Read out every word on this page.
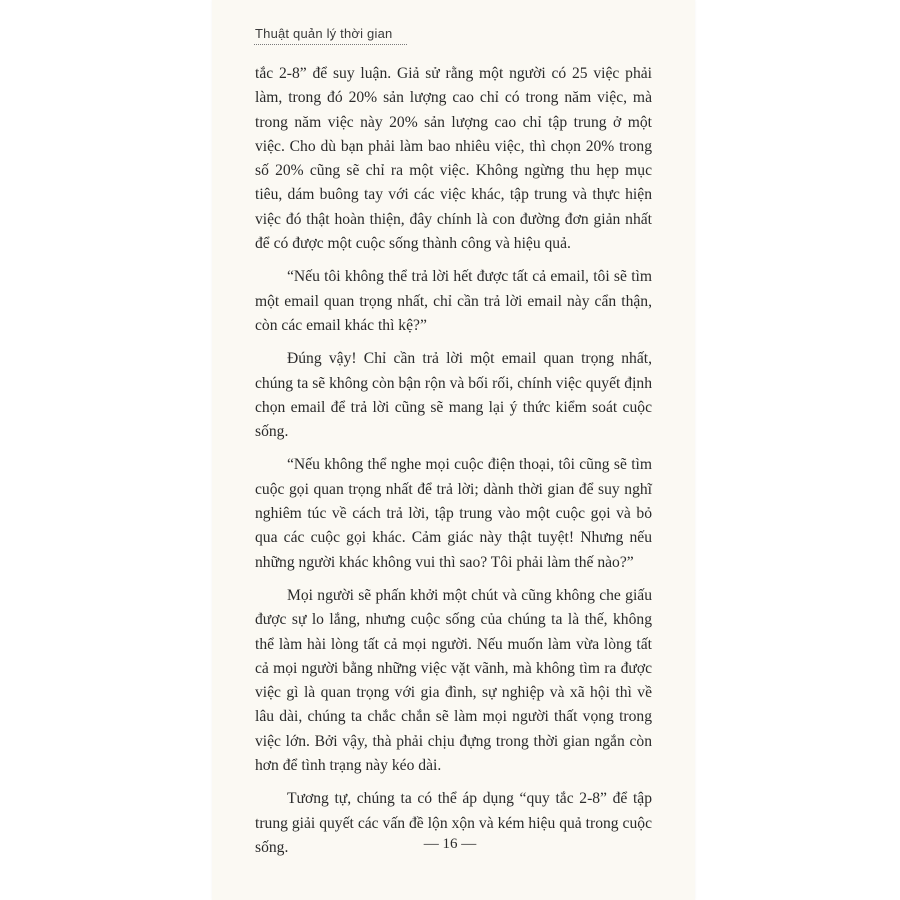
Thuật quản lý thời gian

tắc 2-8” để suy luận. Giả sử rằng một người có 25 việc phải làm, trong đó 20% sản lượng cao chỉ có trong năm việc, mà trong năm việc này 20% sản lượng cao chỉ tập trung ở một việc. Cho dù bạn phải làm bao nhiêu việc, thì chọn 20% trong số 20% cũng sẽ chỉ ra một việc. Không ngừng thu hẹp mục tiêu, dám buông tay với các việc khác, tập trung và thực hiện việc đó thật hoàn thiện, đây chính là con đường đơn giản nhất để có được một cuộc sống thành công và hiệu quả.

“Nếu tôi không thể trả lời hết được tất cả email, tôi sẽ tìm một email quan trọng nhất, chỉ cần trả lời email này cẩn thận, còn các email khác thì kệ?”

Đúng vậy! Chỉ cần trả lời một email quan trọng nhất, chúng ta sẽ không còn bận rộn và bối rối, chính việc quyết định chọn email để trả lời cũng sẽ mang lại ý thức kiểm soát cuộc sống.

“Nếu không thể nghe mọi cuộc điện thoại, tôi cũng sẽ tìm cuộc gọi quan trọng nhất để trả lời; dành thời gian để suy nghĩ nghiêm túc về cách trả lời, tập trung vào một cuộc gọi và bỏ qua các cuộc gọi khác. Cảm giác này thật tuyệt! Nhưng nếu những người khác không vui thì sao? Tôi phải làm thế nào?”

Mọi người sẽ phấn khởi một chút và cũng không che giấu được sự lo lắng, nhưng cuộc sống của chúng ta là thế, không thể làm hài lòng tất cả mọi người. Nếu muốn làm vừa lòng tất cả mọi người bằng những việc vặt vãnh, mà không tìm ra được việc gì là quan trọng với gia đình, sự nghiệp và xã hội thì về lâu dài, chúng ta chắc chắn sẽ làm mọi người thất vọng trong việc lớn. Bởi vậy, thà phải chịu đựng trong thời gian ngắn còn hơn để tình trạng này kéo dài.

Tương tự, chúng ta có thể áp dụng “quy tắc 2-8” để tập trung giải quyết các vấn đề lộn xộn và kém hiệu quả trong cuộc sống.	— 16 —
